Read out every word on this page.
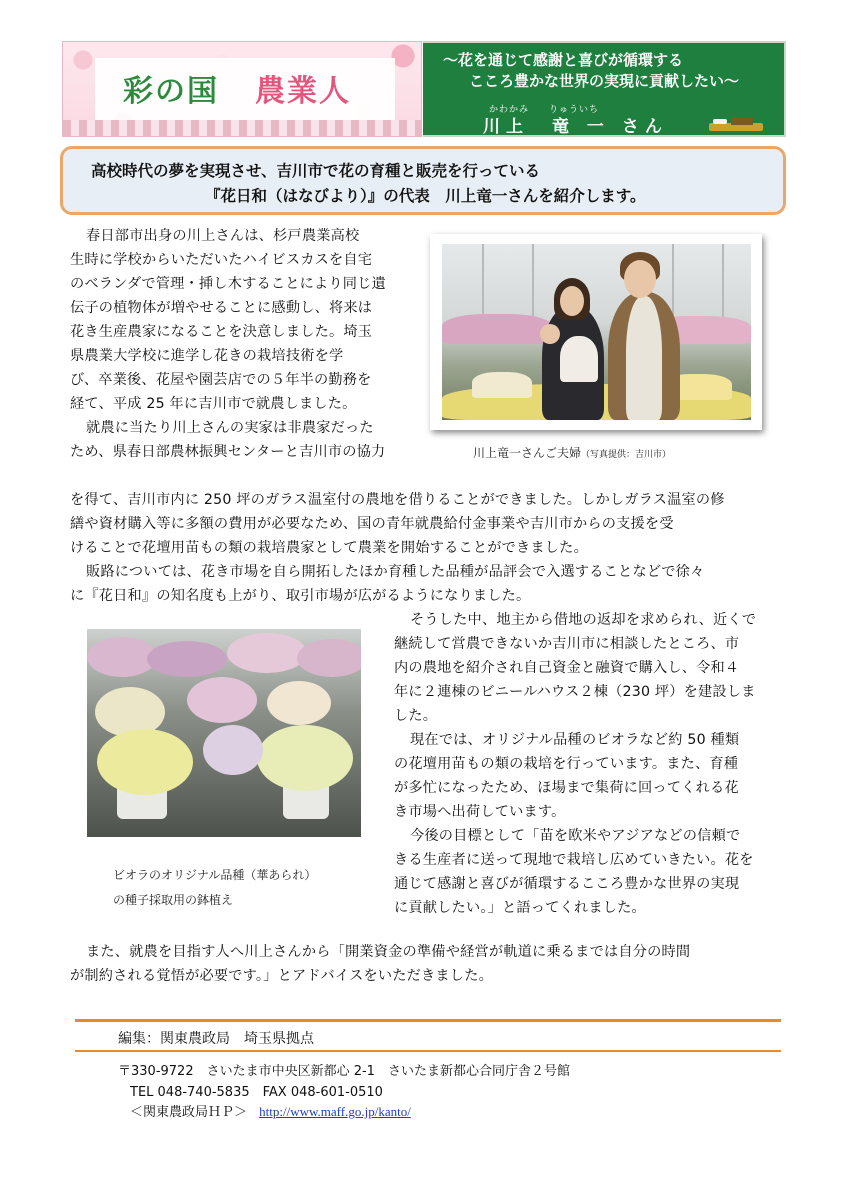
彩の国 農業人
～花を通じて感謝と喜びが循環する
こころ豊かな世界の実現に貢献したい～
かわかみ りゅういち
川上　竜 一 さん
高校時代の夢を実現させ、吉川市で花の育種と販売を行っている
『花日和（はなびより）』の代表　川上竜一さんを紹介します。
春日部市出身の川上さんは、杉戸農業高校
生時に学校からいただいたハイビスカスを自宅
のベランダで管理・挿し木することにより同じ遺
伝子の植物体が増やせることに感動し、将来は
花き生産農家になることを決意しました。埼玉
県農業大学校に進学し花きの栽培技術を学
び、卒業後、花屋や園芸店での５年半の勤務を
経て、平成 25 年に吉川市で就農しました。
就農に当たり川上さんの実家は非農家だった
ため、県春日部農林振興センターと吉川市の協力
を得て、吉川市内に 250 坪のガラス温室付の農地を借りることができました。しかしガラス温室の修
繕や資材購入等に多額の費用が必要なため、国の青年就農給付金事業や吉川市からの支援を受
けることで花壇用苗もの類の栽培農家として農業を開始することができました。
販路については、花き市場を自ら開拓したほか育種した品種が品評会で入選することなどで徐々
に『花日和』の知名度も上がり、取引市場が広がるようになりました。
そうした中、地主から借地の返却を求められ、近くで
継続して営農できないか吉川市に相談したところ、市
内の農地を紹介され自己資金と融資で購入し、令和４
年に２連棟のビニールハウス２棟（230 坪）を建設しま
した。
現在では、オリジナル品種のビオラなど約 50 種類
の花壇用苗もの類の栽培を行っています。また、育種
が多忙になったため、ほ場まで集荷に回ってくれる花
き市場へ出荷しています。
今後の目標として「苗を欧米やアジアなどの信頼で
きる生産者に送って現地で栽培し広めていきたい。花を
通じて感謝と喜びが循環するこころ豊かな世界の実現
に貢献したい。」と語ってくれました。
また、就農を目指す人へ川上さんから「開業資金の準備や経営が軌道に乗るまでは自分の時間
が制約される覚悟が必要です。」とアドバイスをいただきました。
川上竜一さんご夫婦（写真提供：吉川市）
ビオラのオリジナル品種（華あられ）
の種子採取用の鉢植え
編集：関東農政局　埼玉県拠点
〒330-9722　さいたま市中央区新都心 2-1　さいたま新都心合同庁舎２号館
TEL 048-740-5835　FAX 048-601-0510
＜関東農政局ＨＰ＞ http://www.maff.go.jp/kanto/
